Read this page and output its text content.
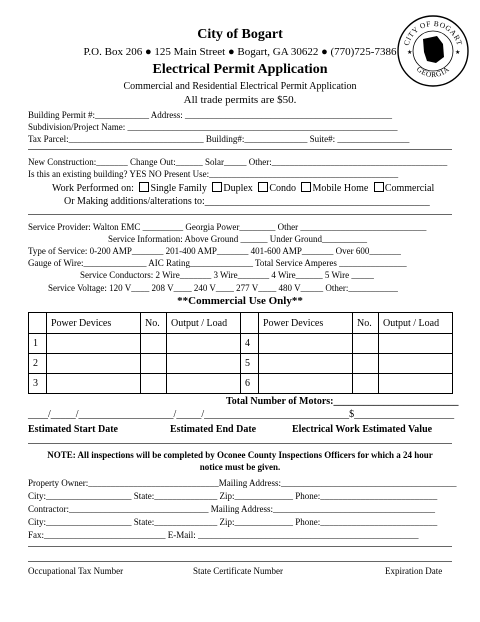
CITY OF BOGART
GEORGIA
★	★
City of Bogart
P.O. Box 206 ● 125 Main Street ● Bogart, GA 30622 ● (770)725-7386
Electrical Permit Application
Commercial and Residential Electrical Permit Application
All trade permits are $50.
Building Permit #:____________ Address: ______________________________________________
Subdivision/Project Name: ____________________________________________________________
Tax Parcel:______________________________ Building#:______________ Suite#: ________________
New Construction:_______ Change Out:______ Solar_____ Other:_______________________________________
Is this an existing building? YES NO Present Use:__________________________________________
Work Performed on: Single Family Duplex Condo Mobile Home Commercial
Or Making additions/alterations to:_____________________________________________
Service Provider: Walton EMC _________ Georgia Power________ Other ____________________________
Service Information: Above Ground ______ Under Ground__________
Type of Service: 0-200 AMP_______ 201-400 AMP_______ 401-600 AMP_______ Over 600_______
Gauge of Wire:______________ AIC Rating______________ Total Service Amperes _______________
Service Conductors: 2 Wire_______ 3 Wire_______ 4 Wire______ 5 Wire _____
Service Voltage: 120 V____ 208 V____ 240 V____ 277 V____ 480 V_____ Other:___________
**Commercial Use Only**
	Power Devices	No.	Output / Load		Power Devices	No.	Output / Load
1				4			
2				5			
3				6			
Total Number of Motors:_________________________
____/_____/___________________/_____/_____________________________$____________________
Estimated Start Date	Estimated End Date	Electrical Work Estimated Value
NOTE: All inspections will be completed by Oconee County Inspections Officers for which a 24 hour
notice must be given.
Property Owner:_____________________________Mailing Address:_______________________________________
City:___________________ State:______________ Zip:_____________ Phone:__________________________
Contractor:_______________________________ Mailing Address:____________________________________
City:___________________ State:______________ Zip:_____________ Phone:__________________________
Fax:___________________________ E-Mail: _________________________________________________
Occupational Tax Number	State Certificate Number	Expiration Date
